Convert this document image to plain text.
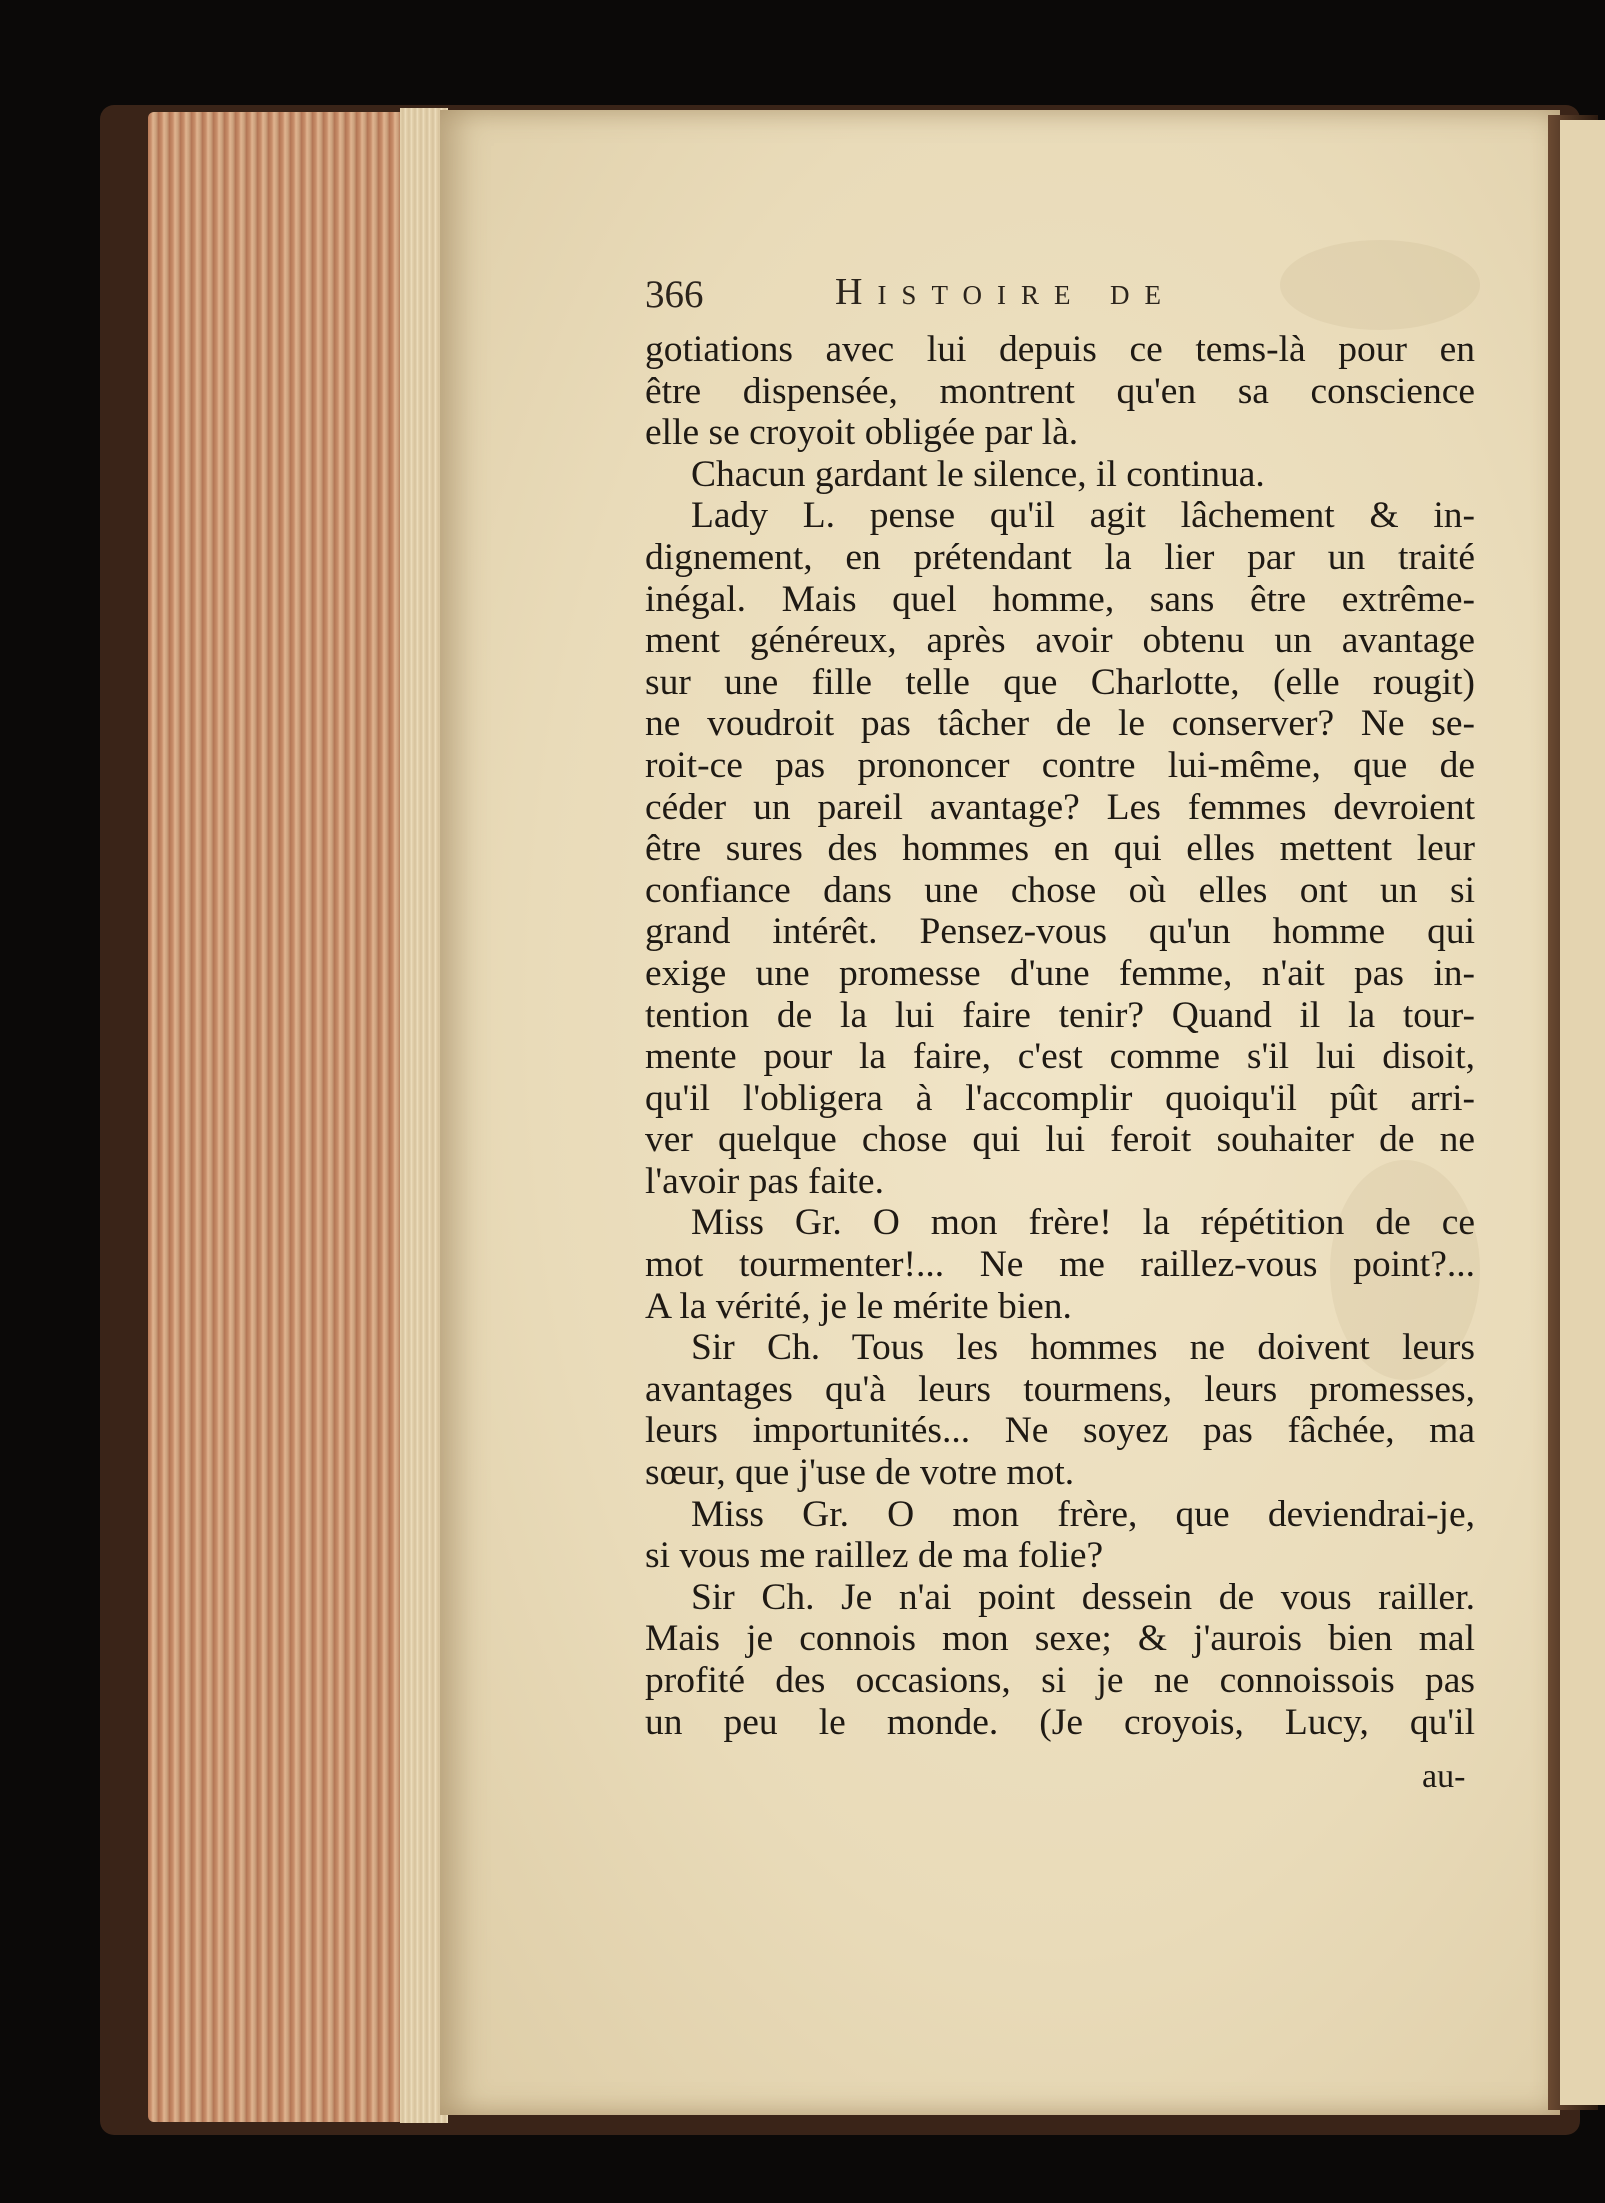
366	Histoire de
gotiations avec lui depuis ce tems-là pour en
être dispensée, montrent qu'en sa conscience
elle se croyoit obligée par là.
Chacun gardant le silence, il continua.
Lady L. pense qu'il agit lâchement & in-
dignement, en prétendant la lier par un traité
inégal. Mais quel homme, sans être extrême-
ment généreux, après avoir obtenu un avantage
sur une fille telle que Charlotte, (elle rougit)
ne voudroit pas tâcher de le conserver? Ne se-
roit-ce pas prononcer contre lui-même, que de
céder un pareil avantage? Les femmes devroient
être sures des hommes en qui elles mettent leur
confiance dans une chose où elles ont un si
grand intérêt. Pensez-vous qu'un homme qui
exige une promesse d'une femme, n'ait pas in-
tention de la lui faire tenir? Quand il la tour-
mente pour la faire, c'est comme s'il lui disoit,
qu'il l'obligera à l'accomplir quoiqu'il pût arri-
ver quelque chose qui lui feroit souhaiter de ne
l'avoir pas faite.
Miss Gr. O mon frère! la répétition de ce
mot tourmenter!... Ne me raillez-vous point?...
A la vérité, je le mérite bien.
Sir Ch. Tous les hommes ne doivent leurs
avantages qu'à leurs tourmens, leurs promesses,
leurs importunités... Ne soyez pas fâchée, ma
sœur, que j'use de votre mot.
Miss Gr. O mon frère, que deviendrai-je,
si vous me raillez de ma folie?
Sir Ch. Je n'ai point dessein de vous railler.
Mais je connois mon sexe; & j'aurois bien mal
profité des occasions, si je ne connoissois pas
un peu le monde. (Je croyois, Lucy, qu'il
au-
